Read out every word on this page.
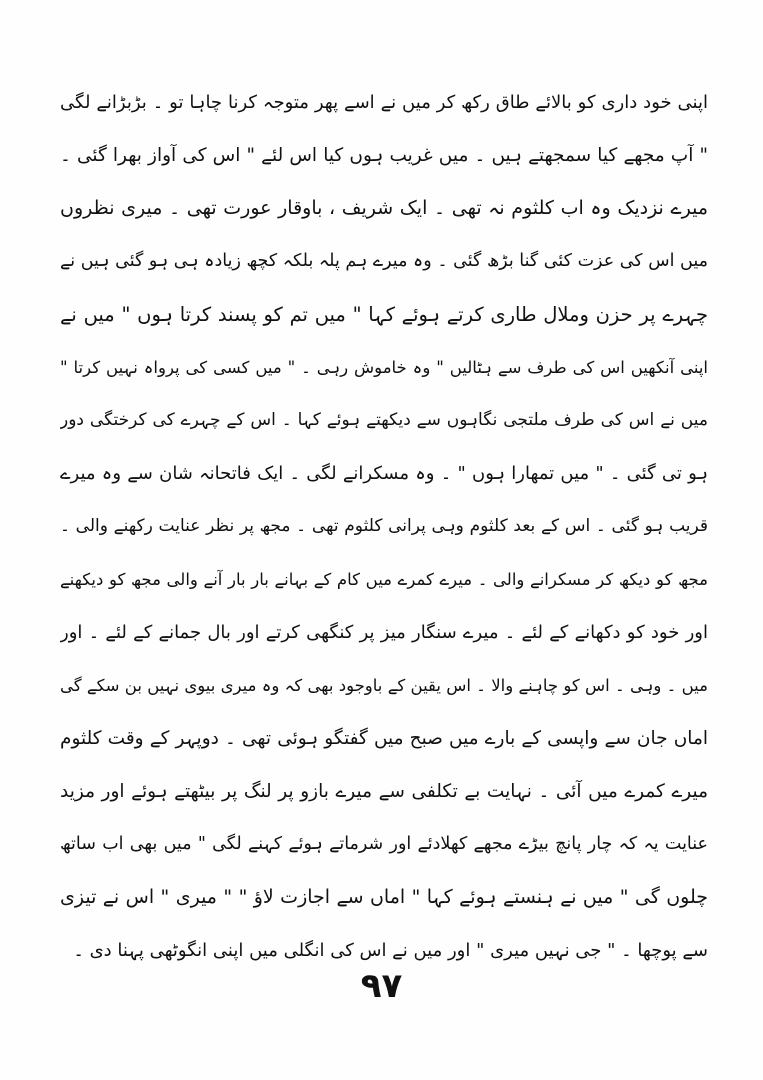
اپنی خود داری کو بالائے طاق رکھ کر میں نے اسے پھر متوجہ کرنا چاہا تو ۔ بڑبڑانے لگی
" آپ مجھے کیا سمجھتے ہیں ۔ میں غریب ہوں کیا اس لئے " اس کی آواز بھرا گئی ۔
میرے نزدیک وہ اب کلثوم نہ تھی ۔ ایک شریف ، باوقار عورت تھی ۔ میری نظروں
میں اس کی عزت کئی گنا بڑھ گئی ۔ وہ میرے ہم پلہ بلکہ کچھ زیادہ ہی ہو گئی ہیں نے
چہرے پر حزن وملال طاری کرتے ہوئے کہا " میں تم کو پسند کرتا ہوں " میں نے
اپنی آنکھیں اس کی طرف سے ہٹالیں " وہ خاموش رہی ۔ " میں کسی کی پرواہ نہیں کرتا "
میں نے اس کی طرف ملتجی نگاہوں سے دیکھتے ہوئے کہا ۔ اس کے چہرے کی کرختگی دور
ہو تی گئی ۔ " میں تمھارا ہوں " ۔ وہ مسکرانے لگی ۔ ایک فاتحانہ شان سے وہ میرے
قریب ہو گئی ۔ اس کے بعد کلثوم وہی پرانی کلثوم تھی ۔ مجھ پر نظر عنایت رکھنے والی ۔
مجھ کو دیکھ کر مسکرانے والی ۔ میرے کمرے میں کام کے بہانے بار بار آنے والی مجھ کو دیکھنے
اور خود کو دکھانے کے لئے ۔ میرے سنگار میز پر کنگھی کرتے اور بال جمانے کے لئے ۔ اور
میں ۔ وہی ۔ اس کو چاہنے والا ۔ اس یقین کے باوجود بھی کہ وہ میری بیوی نہیں بن سکے گی
اماں جان سے واپسی کے بارے میں صبح میں گفتگو ہوئی تھی ۔ دوپہر کے وقت کلثوم
میرے کمرے میں آئی ۔ نہایت بے تکلفی سے میرے بازو پر لنگ پر بیٹھتے ہوئے اور مزید
عنایت یہ کہ چار پانچ بیڑے مجھے کھلادئے اور شرماتے ہوئے کہنے لگی " میں بھی اب ساتھ
چلوں گی " میں نے ہنستے ہوئے کہا " اماں سے اجازت لاؤ " " میری " اس نے تیزی
سے پوچھا ۔ " جی نہیں میری " اور میں نے اس کی انگلی میں اپنی انگوٹھی پہنا دی ۔
۹۷
